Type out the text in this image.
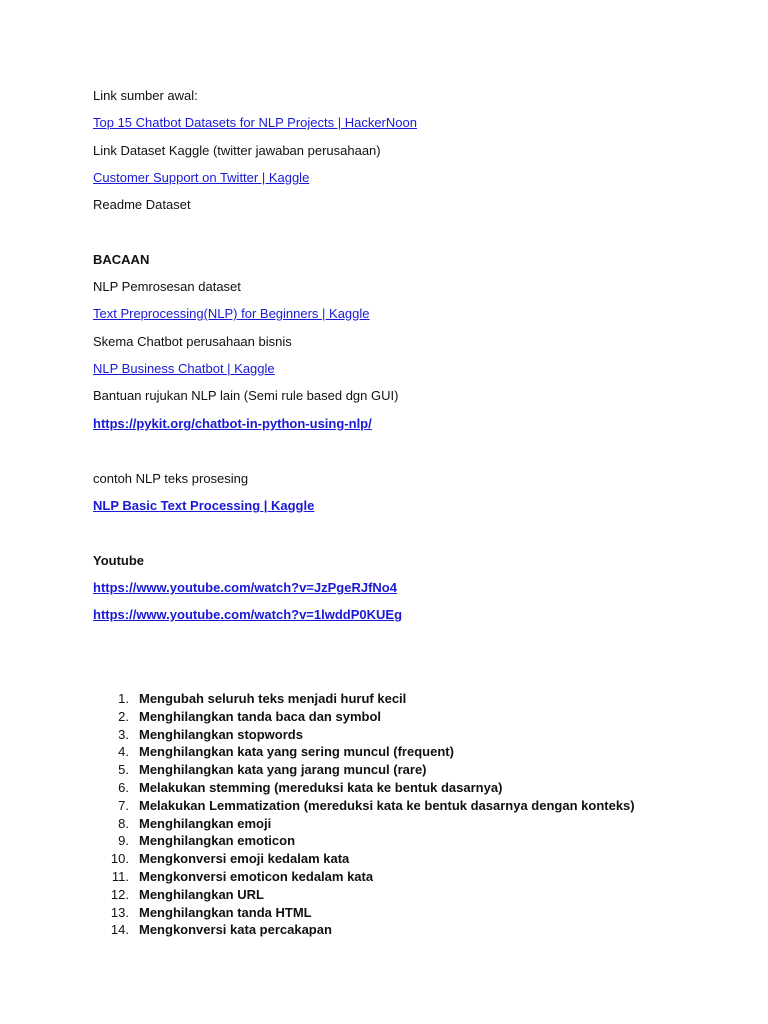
Link sumber awal:
Top 15 Chatbot Datasets for NLP Projects | HackerNoon
Link Dataset Kaggle (twitter jawaban perusahaan)
Customer Support on Twitter | Kaggle
Readme Dataset
BACAAN
NLP Pemrosesan dataset
Text Preprocessing(NLP) for Beginners | Kaggle
Skema Chatbot perusahaan bisnis
NLP Business Chatbot | Kaggle
Bantuan rujukan NLP lain (Semi rule based dgn GUI)
https://pykit.org/chatbot-in-python-using-nlp/
contoh NLP teks prosesing
NLP Basic Text Processing | Kaggle
Youtube
https://www.youtube.com/watch?v=JzPgeRJfNo4
https://www.youtube.com/watch?v=1lwddP0KUEg
1. Mengubah seluruh teks menjadi huruf kecil
2. Menghilangkan tanda baca dan symbol
3. Menghilangkan stopwords
4. Menghilangkan kata yang sering muncul (frequent)
5. Menghilangkan kata yang jarang muncul (rare)
6. Melakukan stemming (mereduksi kata ke bentuk dasarnya)
7. Melakukan Lemmatization (mereduksi kata ke bentuk dasarnya dengan konteks)
8. Menghilangkan emoji
9. Menghilangkan emoticon
10. Mengkonversi emoji kedalam kata
11. Mengkonversi emoticon kedalam kata
12. Menghilangkan URL
13. Menghilangkan tanda HTML
14. Mengkonversi kata percakapan
